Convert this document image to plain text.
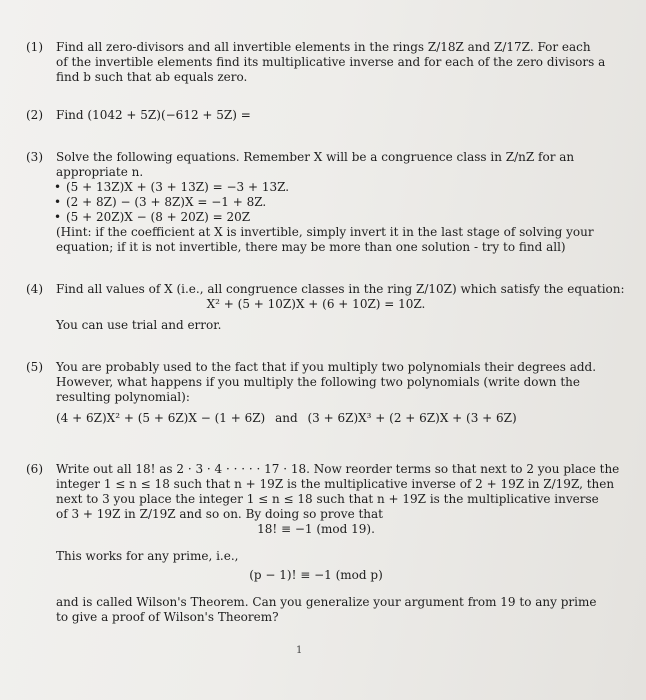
(1) Find all zero-divisors and all invertible elements in the rings Z/18Z and Z/17Z. For each
of the invertible elements find its multiplicative inverse and for each of the zero divisors a
find b such that ab equals zero.
(2) Find (1042 + 5Z)(−612 + 5Z) =
(3) Solve the following equations. Remember X will be a congruence class in Z/nZ for an
appropriate n.
• (5 + 13Z)X + (3 + 13Z) = −3 + 13Z.
• (2 + 8Z) − (3 + 8Z)X = −1 + 8Z.
• (5 + 20Z)X − (8 + 20Z) = 20Z
(Hint: if the coefficient at X is invertible, simply invert it in the last stage of solving your
equation; if it is not invertible, there may be more than one solution - try to find all)
(4) Find all values of X (i.e., all congruence classes in the ring Z/10Z) which satisfy the equation:
X² + (5 + 10Z)X + (6 + 10Z) = 10Z.
You can use trial and error.
(5) You are probably used to the fact that if you multiply two polynomials their degrees add.
However, what happens if you multiply the following two polynomials (write down the
resulting polynomial):
(4 + 6Z)X² + (5 + 6Z)X − (1 + 6Z) and (3 + 6Z)X³ + (2 + 6Z)X + (3 + 6Z)
(6) Write out all 18! as 2 · 3 · 4 · · · · · 17 · 18. Now reorder terms so that next to 2 you place the
integer 1 ≤ n ≤ 18 such that n + 19Z is the multiplicative inverse of 2 + 19Z in Z/19Z, then
next to 3 you place the integer 1 ≤ n ≤ 18 such that n + 19Z is the multiplicative inverse
of 3 + 19Z in Z/19Z and so on. By doing so prove that
18! ≡ −1 (mod 19).
This works for any prime, i.e.,
(p − 1)! ≡ −1 (mod p)
and is called Wilson's Theorem. Can you generalize your argument from 19 to any prime
to give a proof of Wilson's Theorem?
1
